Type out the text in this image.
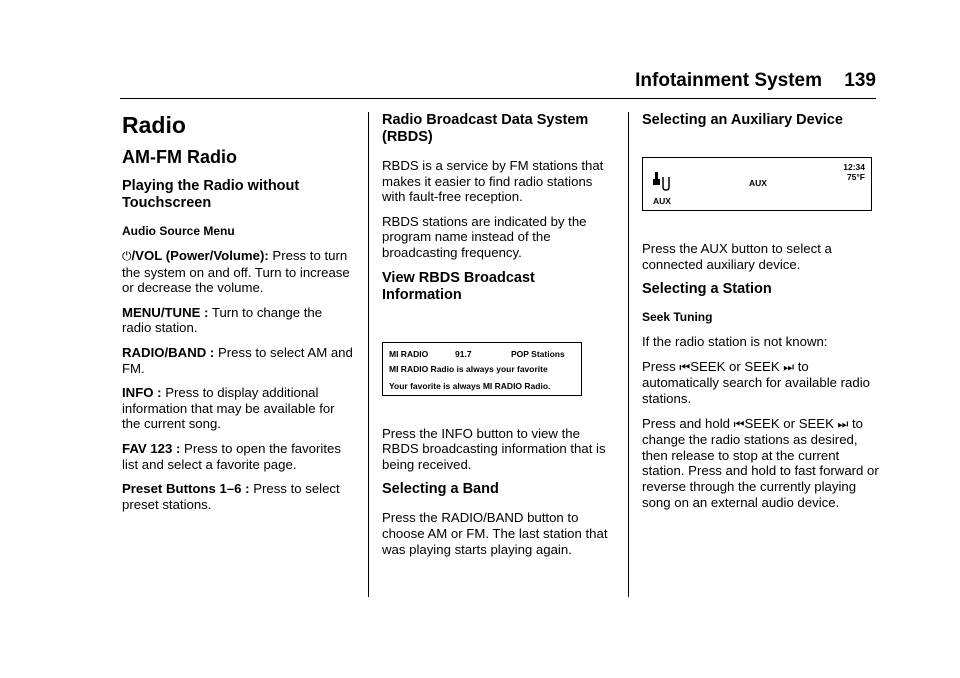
Infotainment System 139
Radio
AM-FM Radio
Playing the Radio without Touchscreen
Audio Source Menu

⏻/VOL (Power/Volume): Press to turn the system on and off. Turn to increase or decrease the volume.

MENU/TUNE : Turn to change the radio station.

RADIO/BAND : Press to select AM and FM.

INFO : Press to display additional information that may be available for the current song.

FAV 123 : Press to open the favorites list and select a favorite page.

Preset Buttons 1–6 : Press to select preset stations.

Radio Broadcast Data System (RBDS)

RBDS is a service by FM stations that makes it easier to find radio stations with fault-free reception.

RBDS stations are indicated by the program name instead of the broadcasting frequency.

View RBDS Broadcast Information
MI RADIO	91.7	POP Stations
MI RADIO Radio is always your favorite
Your favorite is always MI RADIO Radio.

Press the INFO button to view the RBDS broadcasting information that is being received.

Selecting a Band

Press the RADIO/BAND button to choose AM or FM. The last station that was playing starts playing again.

Selecting an Auxiliary Device
12:34
75°F
AUX
AUX

Press the AUX button to select a connected auxiliary device.

Selecting a Station
Seek Tuning

If the radio station is not known:

Press ⏮SEEK or SEEK ⏭ to automatically search for available radio stations.

Press and hold ⏮SEEK or SEEK ⏭ to change the radio stations as desired, then release to stop at the current station. Press and hold to fast forward or reverse through the currently playing song on an external audio device.
